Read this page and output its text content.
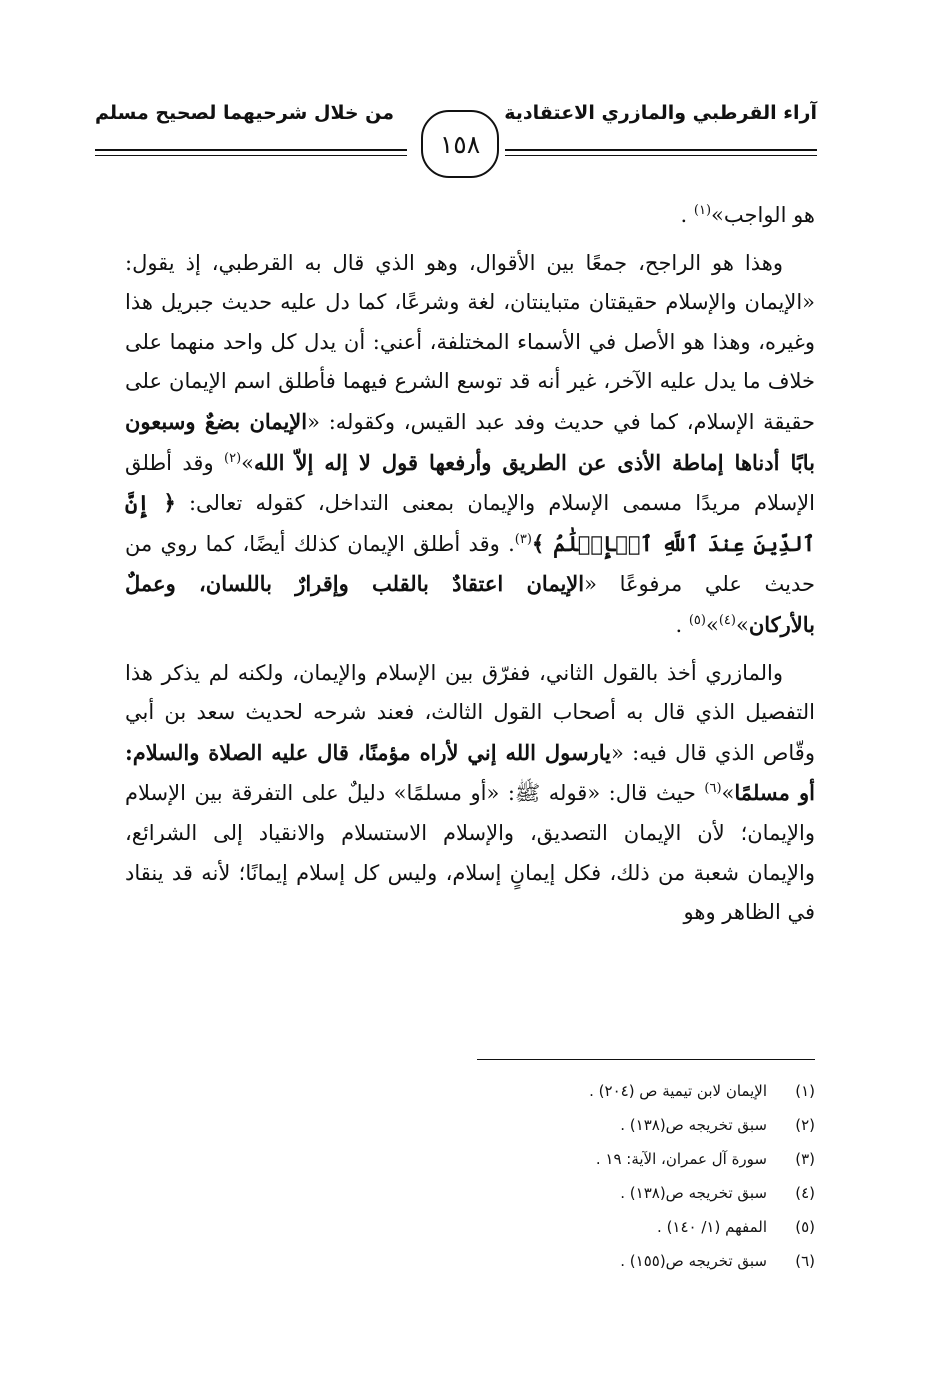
آراء القرطبي والمازري الاعتقادية
من خلال شرحيهما لصحيح مسلم
١٥٨

هو الواجب»$^{(١)}$ .

وهذا هو الراجح، جمعًا بين الأقوال، وهو الذي قال به القرطبي، إذ يقول: «الإيمان والإسلام حقيقتان متباينتان، لغة وشرعًا، كما دل عليه حديث جبريل هذا وغيره، وهذا هو الأصل في الأسماء المختلفة، أعني: أن يدل كل واحد منهما على خلاف ما يدل عليه الآخر، غير أنه قد توسع الشرع فيهما فأطلق اسم الإيمان على حقيقة الإسلام، كما في حديث وفد عبد القيس، وكقوله: «الإيمان بضعٌ وسبعون بابًا أدناها إماطة الأذى عن الطريق وأرفعها قول لا إله إلاّ الله»$^{(٢)}$ وقد أطلق الإسلام مريدًا مسمى الإسلام والإيمان بمعنى التداخل، كقوله تعالى: ﴿ إِنَّ ٱلدِّينَ عِندَ ٱللَّهِ ٱلۡإِسۡلَٰمُ ﴾$^{(٣)}$. وقد أطلق الإيمان كذلك أيضًا، كما روي من حديث علي مرفوعًا «الإيمان اعتقادٌ بالقلب وإقرارٌ باللسان، وعملٌ بالأركان»$^{(٤)}$»$^{(٥)}$ .

والمازري أخذ بالقول الثاني، ففرّق بين الإسلام والإيمان، ولكنه لم يذكر هذا التفصيل الذي قال به أصحاب القول الثالث، فعند شرحه لحديث سعد بن أبي وقّاص الذي قال فيه: «يارسول الله إني لأراه مؤمنًا، قال عليه الصلاة والسلام: أو مسلمًا»$^{(٦)}$ حيث قال: «قوله ﷺ: «أو مسلمًا» دليلٌ على التفرقة بين الإسلام والإيمان؛ لأن الإيمان التصديق، والإسلام الاستسلام والانقياد إلى الشرائع، والإيمان شعبة من ذلك، فكل إيمانٍ إسلام، وليس كل إسلام إيمانًا؛ لأنه قد ينقاد في الظاهر وهو

(١)
الإيمان لابن تيمية ص (٢٠٤) .
(٢)
سبق تخريجه ص(١٣٨) .
(٣)
سورة آل عمران، الآية: ١٩ .
(٤)
سبق تخريجه ص(١٣٨) .
(٥)
المفهم (١/ ١٤٠) .
(٦)
سبق تخريجه ص(١٥٥) .
